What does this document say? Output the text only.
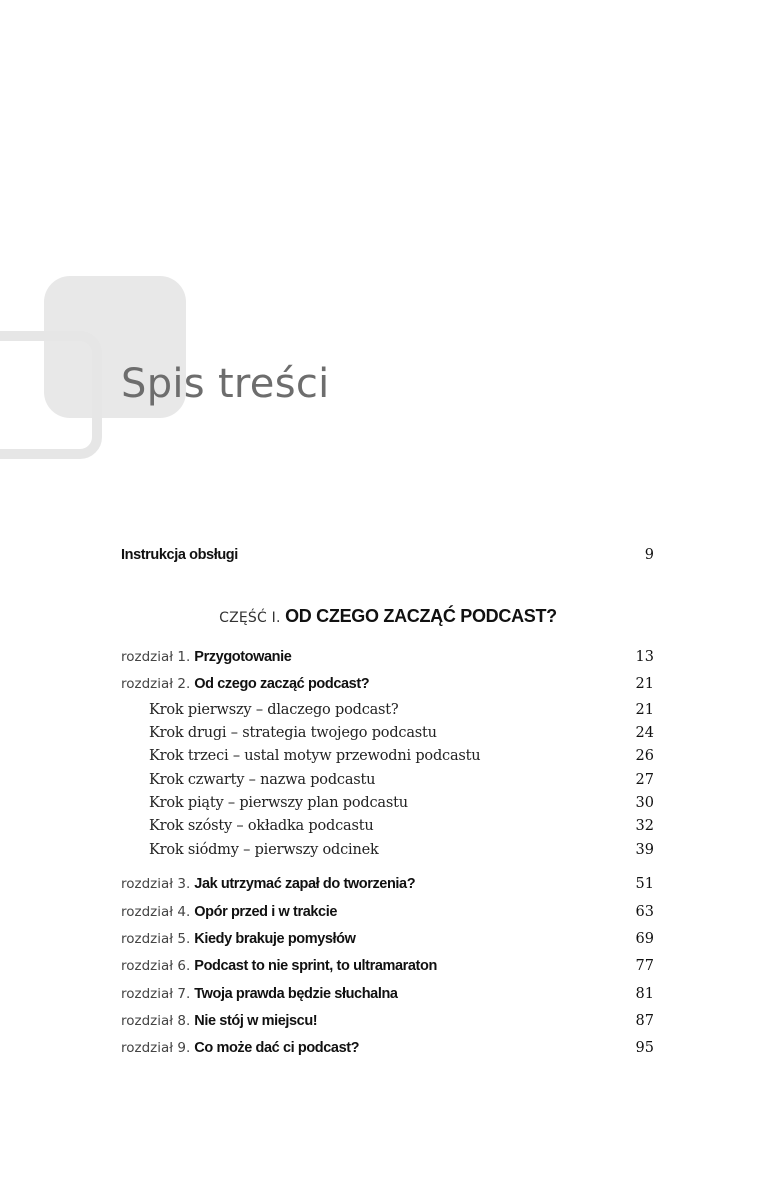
Spis treści
Instrukcja obsługi	9
CZĘŚĆ I. OD CZEGO ZACZĄĆ PODCAST?
rozdział 1. Przygotowanie	13
rozdział 2. Od czego zacząć podcast?	21
Krok pierwszy – dlaczego podcast?	21
Krok drugi – strategia twojego podcastu	24
Krok trzeci – ustal motyw przewodni podcastu	26
Krok czwarty – nazwa podcastu	27
Krok piąty – pierwszy plan podcastu	30
Krok szósty – okładka podcastu	32
Krok siódmy – pierwszy odcinek	39
rozdział 3. Jak utrzymać zapał do tworzenia?	51
rozdział 4. Opór przed i w trakcie	63
rozdział 5. Kiedy brakuje pomysłów	69
rozdział 6. Podcast to nie sprint, to ultramaraton	77
rozdział 7. Twoja prawda będzie słuchalna	81
rozdział 8. Nie stój w miejscu!	87
rozdział 9. Co może dać ci podcast?	95
